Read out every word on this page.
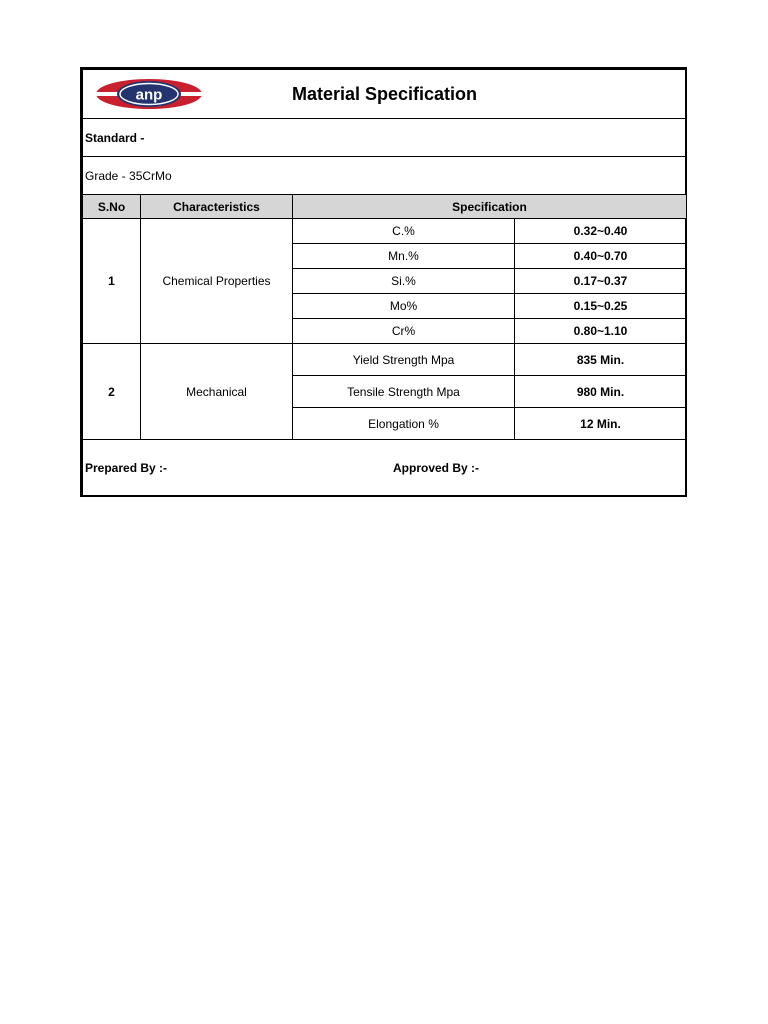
anp Material Specification			

Standard -			
Grade - 35CrMo			
S.No	Characteristics	Specification	
1	Chemical Properties	C.%	0.32~0.40
		Mn.%	0.40~0.70
		Si.%	0.17~0.37
		Mo%	0.15~0.25
		Cr%	0.80~1.10
2	Mechanical	Yield Strength Mpa	835 Min.
		Tensile Strength Mpa	980 Min.
		Elongation %	12 Min.

Prepared By :- Approved By :-			
